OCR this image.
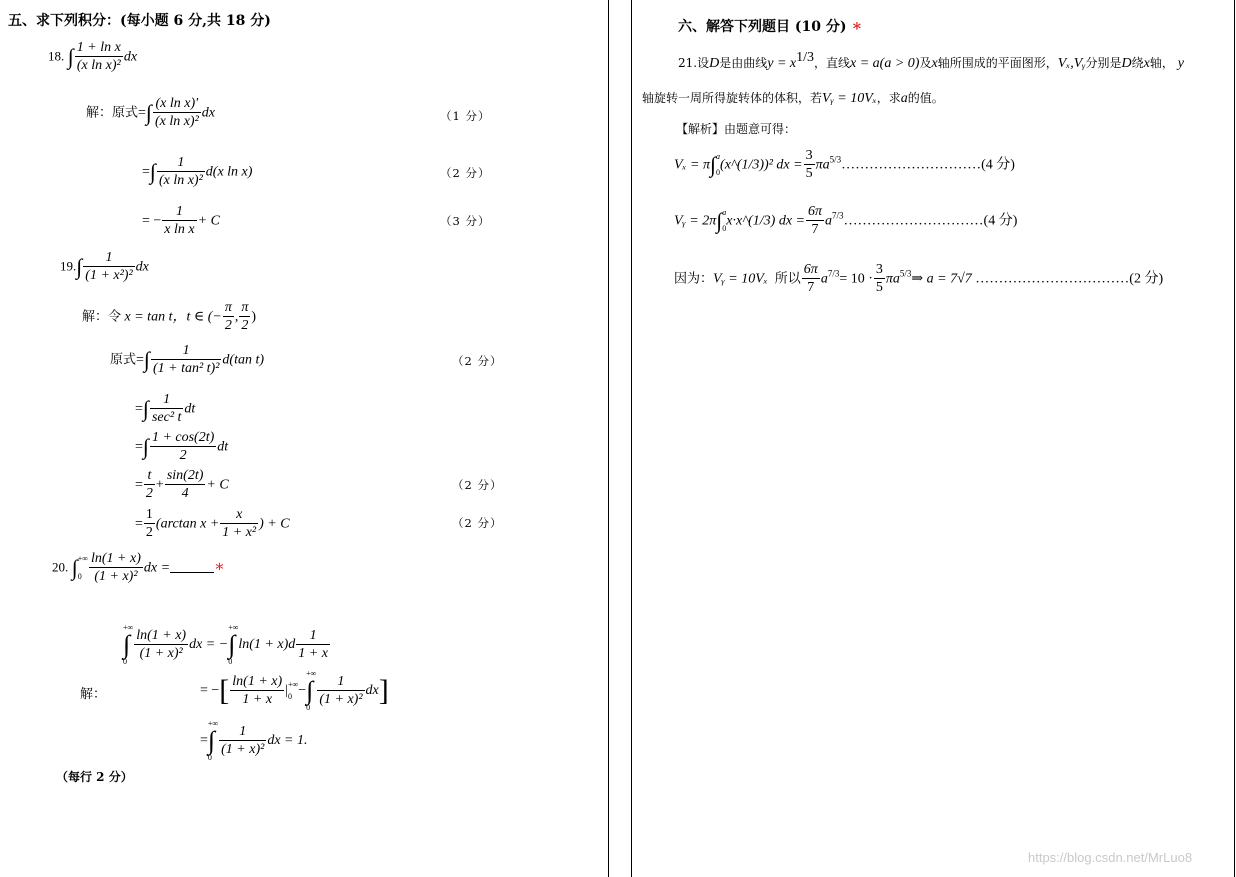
五、求下列积分：(每小题 6 分,共 18 分)
18. ∫ $\frac{\text{1 + ln x}}{\text{(x ln x)²}}$ dx
解：原式=∫ $\frac{\text{(x ln x)′}}{\text{(x ln x)²}}$ dx	（1 分）
=∫ $\frac{1}{\text{(x ln x)²}} d(x$ ln x)	（2 分）
= − $\frac{1}{\text{x ln x}} + C$	（3 分）
$19.\int \frac{1}{\text{(1 + x²)²}}$ dx
解：令 x = tan t，t ∈ (− $\frac{\pi}{2}$ , $\frac{\pi}{2}$ )
原式=∫ $\frac{1}{\text{(1 + tan² t)²}} d(\tan$ t)	（2 分）
=∫ $\frac{1}{\text{sec² t}}$ dt
=∫ $\frac{1 + \cos(2t)}{2}$ dt
= $\frac{t}{2} + \frac{\sin(2t)}{4} + C$	（2 分）
= $\frac{1}{2} (\arctan$ $x + \frac{x}{\text{1 + x²}}$ ) + C	（2 分）
20. ∫ +∞
$0 \frac{\ln(1 + x)}{\text{(1 + x)²}}$ dx =	∗
解：
+∞
∫
$0 \frac{\ln(1 + x)}{\text{(1 + x)²}}$ dx = −
+∞
∫
0
$\ln(1 + x)d \frac{1}{1 + x}$
= −[ $\frac{\ln(1 + x)}{1 + x}$ | +∞
0 −
+∞
∫
$0 \frac{1}{\text{(1 + x)²}} dx$]
=
+∞
∫
$0 \frac{1}{\text{(1 + x)²}}$ dx = 1.
（每行 2 分）
六、解答下列题目 (10 分) ∗
21.设D是由曲线$y = x^{1/3}$，直线x = a(a > 0)及x轴所围成的平面图形，Vₓ,Vᵧ分别是D绕x轴， y
轴旋转一周所得旋转体的体积，若Vᵧ = 10Vₓ，求a的值。
【解析】由题意可得：
Vₓ = π∫ a
0
(x^(1/3))² dx = $\frac{3}{5}$ $\pi a^{5/3}\dots\dots\dots\dots\dots\dots\dots\dots\dots\dots(4$ 分)
Vᵧ = 2π∫ a
0
x·x^(1/3) dx = $\frac{6\pi}{7}$ $a^{7/3}\dots\dots\dots\dots\dots\dots\dots\dots\dots\dots(4$ 分)
因为：Vᵧ = 10Vₓ 所以 $\frac{6\pi}{7} a^{7/3}= 10 \cdot \frac{3}{5}$ $\pi a^{5/3}\Rightarrow$ a = 7√7 ……………………………(2 分)
https://blog.csdn.net/MrLuo8
